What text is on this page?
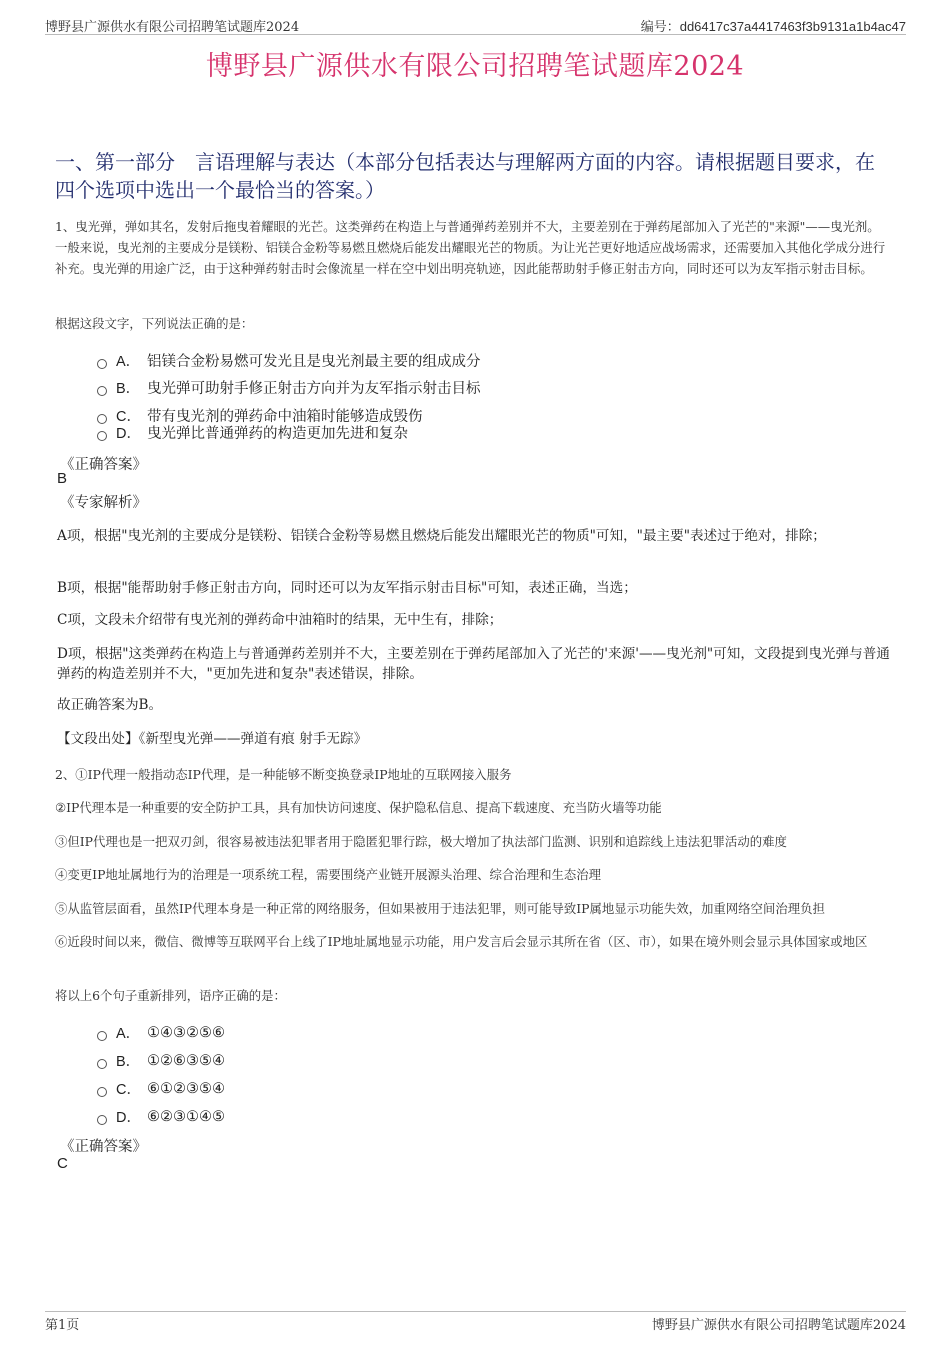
博野县广源供水有限公司招聘笔试题库2024	编号：dd6417c37a4417463f3b9131a1b4ac47
博野县广源供水有限公司招聘笔试题库2024
一、第一部分　言语理解与表达（本部分包括表达与理解两方面的内容。请根据题目要求，在四个选项中选出一个最恰当的答案。）
1、曳光弹，弹如其名，发射后拖曳着耀眼的光芒。这类弹药在构造上与普通弹药差别并不大，主要差别在于弹药尾部加入了光芒的"来源"——曳光剂。一般来说，曳光剂的主要成分是镁粉、铝镁合金粉等易燃且燃烧后能发出耀眼光芒的物质。为让光芒更好地适应战场需求，还需要加入其他化学成分进行补充。曳光弹的用途广泛，由于这种弹药射击时会像流星一样在空中划出明亮轨迹，因此能帮助射手修正射击方向，同时还可以为友军指示射击目标。
根据这段文字，下列说法正确的是：
A． 铝镁合金粉易燃可发光且是曳光剂最主要的组成成分
B． 曳光弹可助射手修正射击方向并为友军指示射击目标
C． 带有曳光剂的弹药命中油箱时能够造成毁伤
D． 曳光弹比普通弹药的构造更加先进和复杂
《正确答案》
B
《专家解析》
A项，根据"曳光剂的主要成分是镁粉、铝镁合金粉等易燃且燃烧后能发出耀眼光芒的物质"可知，"最主要"表述过于绝对，排除；
B项，根据"能帮助射手修正射击方向，同时还可以为友军指示射击目标"可知，表述正确，当选；
C项，文段未介绍带有曳光剂的弹药命中油箱时的结果，无中生有，排除；
D项，根据"这类弹药在构造上与普通弹药差别并不大，主要差别在于弹药尾部加入了光芒的'来源'——曳光剂"可知，文段提到曳光弹与普通弹药的构造差别并不大，"更加先进和复杂"表述错误，排除。
故正确答案为B。
【文段出处】《新型曳光弹——弹道有痕 射手无踪》
2、①IP代理一般指动态IP代理，是一种能够不断变换登录IP地址的互联网接入服务
②IP代理本是一种重要的安全防护工具，具有加快访问速度、保护隐私信息、提高下载速度、充当防火墙等功能
③但IP代理也是一把双刃剑，很容易被违法犯罪者用于隐匿犯罪行踪，极大增加了执法部门监测、识别和追踪线上违法犯罪活动的难度
④变更IP地址属地行为的治理是一项系统工程，需要围绕产业链开展源头治理、综合治理和生态治理
⑤从监管层面看，虽然IP代理本身是一种正常的网络服务，但如果被用于违法犯罪，则可能导致IP属地显示功能失效，加重网络空间治理负担
⑥近段时间以来，微信、微博等互联网平台上线了IP地址属地显示功能，用户发言后会显示其所在省（区、市），如果在境外则会显示具体国家或地区
将以上6个句子重新排列，语序正确的是：
A． ①④③②⑤⑥
B． ①②⑥③⑤④
C． ⑥①②③⑤④
D． ⑥②③①④⑤
《正确答案》
C
第1页	博野县广源供水有限公司招聘笔试题库2024
